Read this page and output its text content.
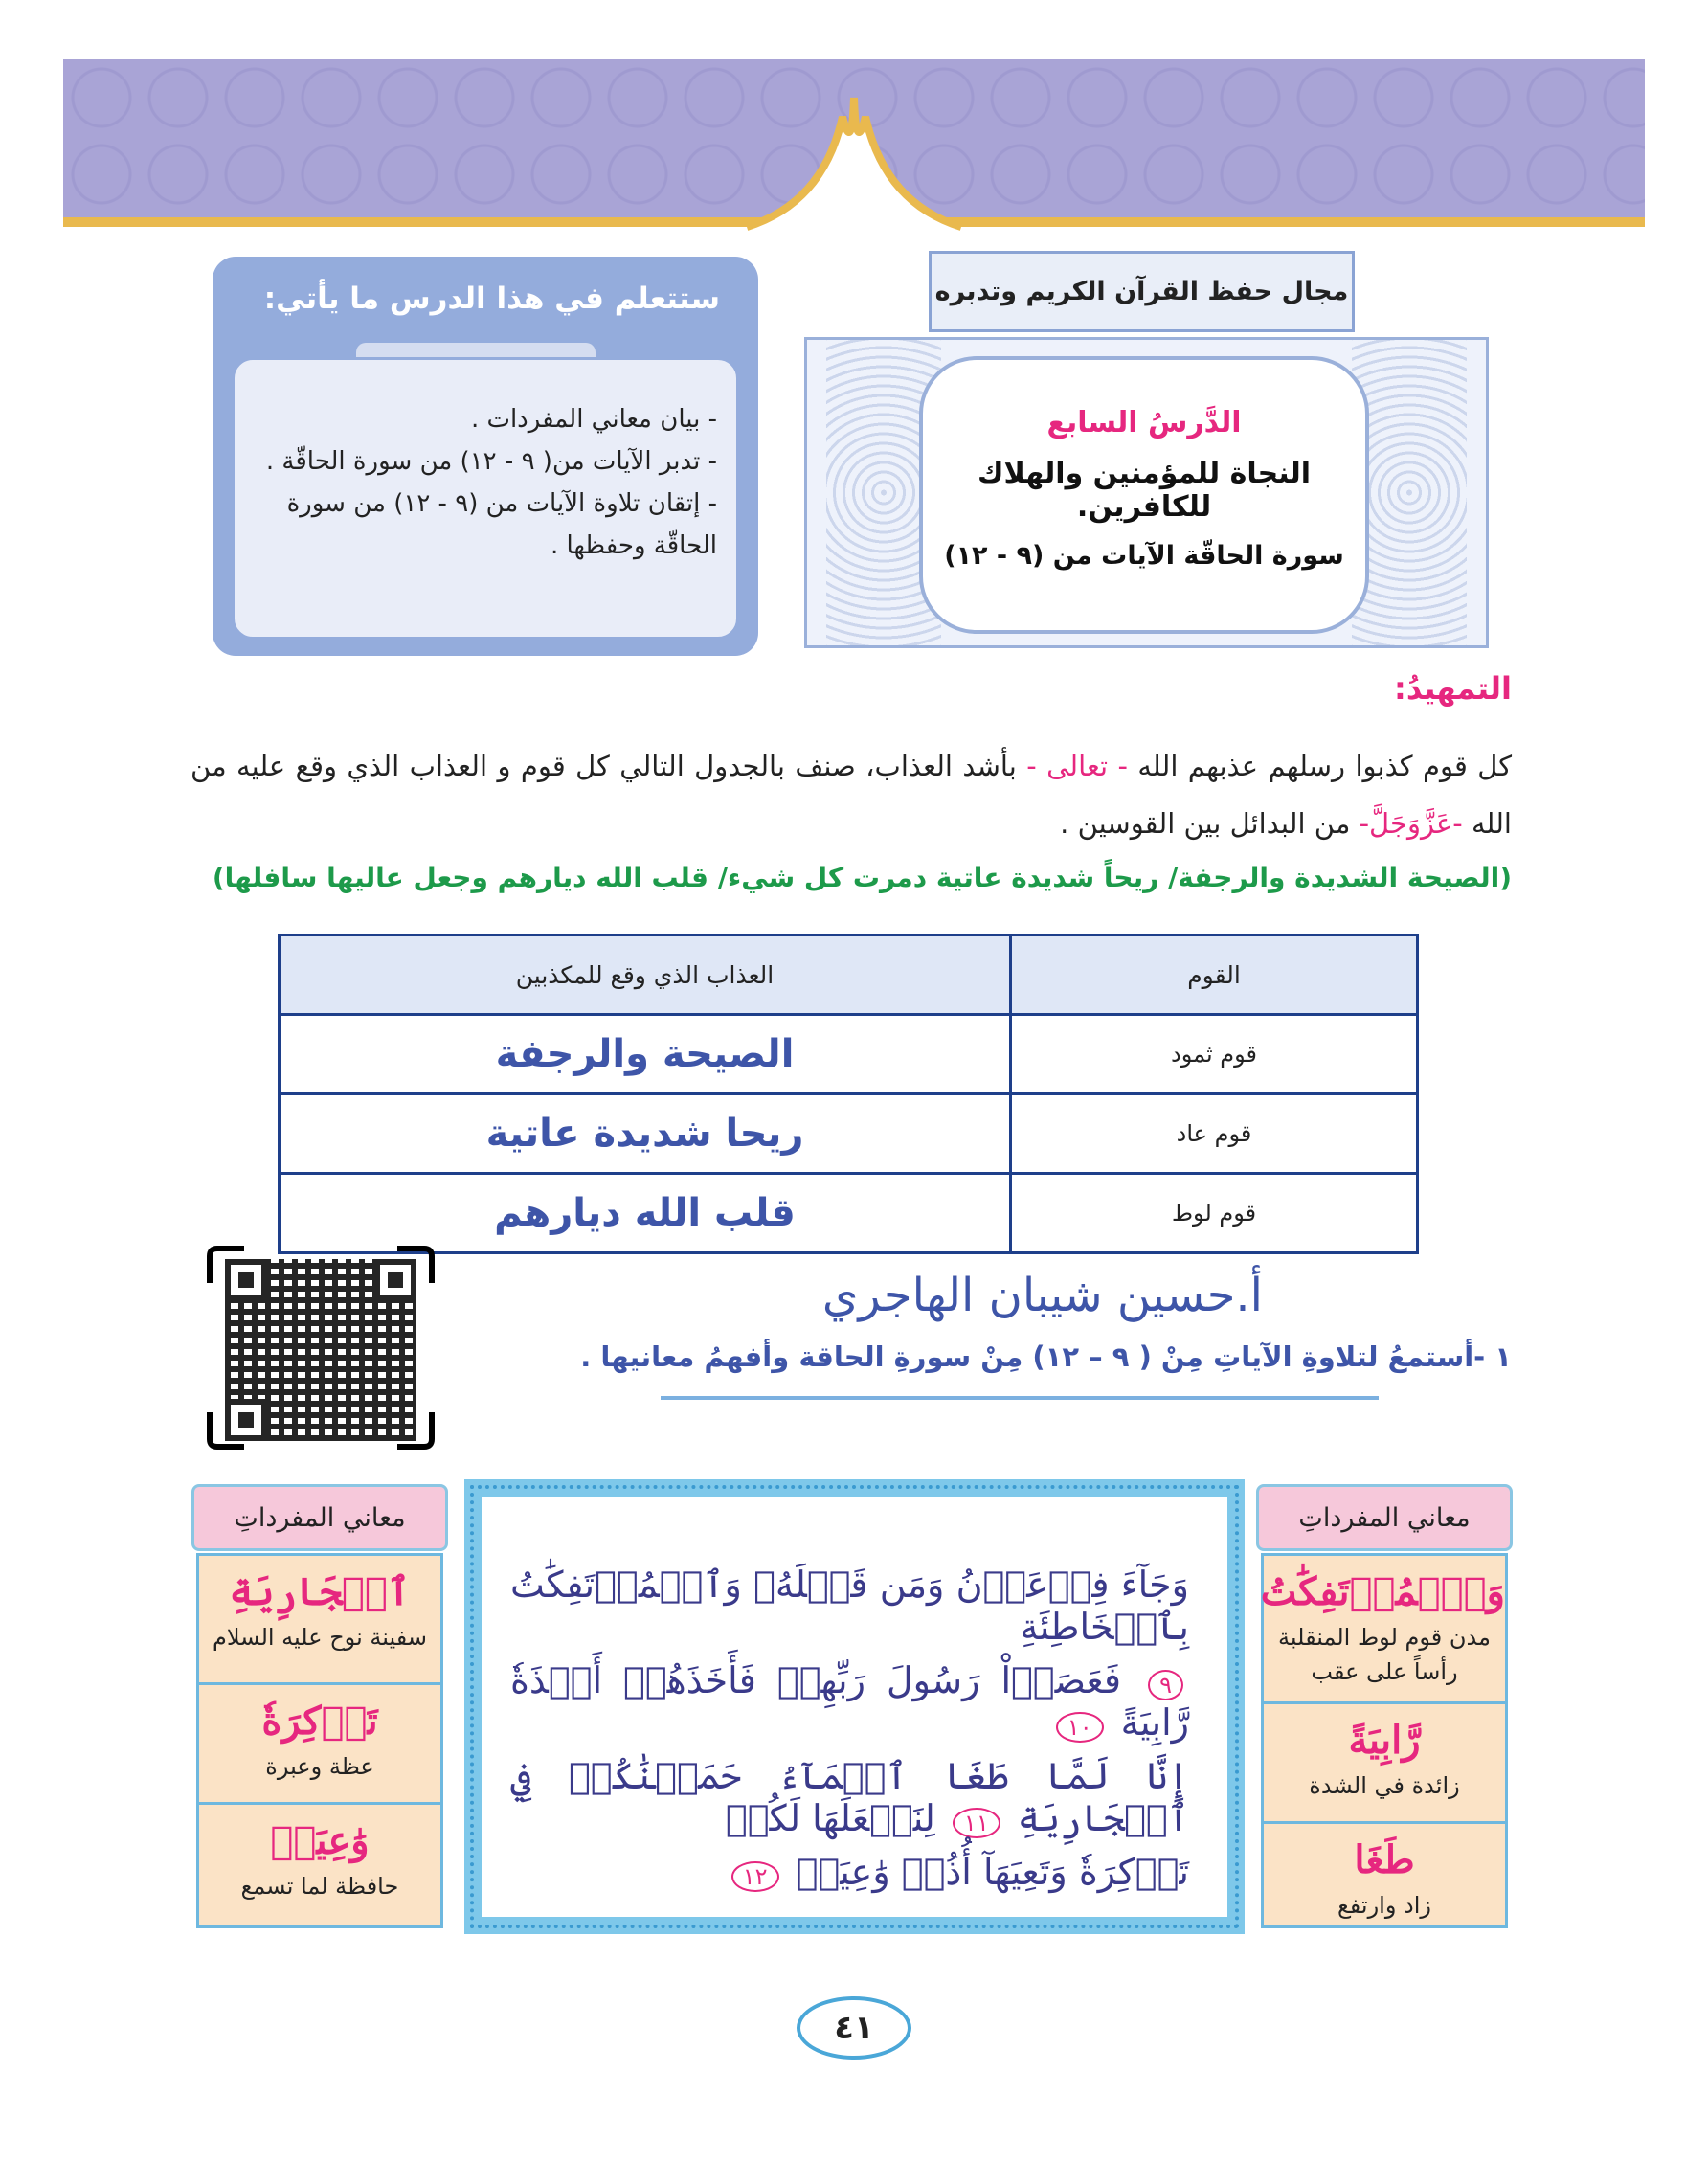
مجال حفظ القرآن الكريم وتدبره
الدَّرسُ السابع
النجاة للمؤمنين والهلاك للكافرين.
سورة الحاقّة الآيات من (٩ - ١٢)
ستتعلم في هذا الدرس ما يأتي:
- بيان معاني المفردات .
- تدبر الآيات من( ٩ - ١٢) من سورة الحاقّة .
- إتقان تلاوة الآيات من (٩ - ١٢) من سورة الحاقّة وحفظها .
التمهيدُ:
كل قوم كذبوا رسلهم عذبهم الله - تعالى - بأشد العذاب، صنف بالجدول التالي كل قوم و العذاب الذي وقع عليه من الله -عَزَّوَجَلَّ- من البدائل بين القوسين .
(الصيحة الشديدة والرجفة/ ريحاً شديدة عاتية دمرت كل شيء/ قلب الله ديارهم وجعل عاليها سافلها)
القوم	العذاب الذي وقع للمكذبين
قوم ثمود	الصيحة والرجفة
قوم عاد	ريحا شديدة عاتية
قوم لوط	قلب الله ديارهم
أ.حسين شيبان الهاجري
١ -أستمعُ لتلاوةِ الآياتِ مِنْ ( ٩ – ١٢) مِنْ سورةِ الحاقة وأفهمُ معانيها .
معاني المفرداتِ
وَٱلۡمُؤۡتَفِكَٰتُ
مدن قوم لوط المنقلبة رأساً على عقب
رَّابِيَةً
زائدة في الشدة
طَغَا
زاد وارتفع
وَجَآءَ فِرۡعَوۡنُ وَمَن قَبۡلَهُۥ وَٱلۡمُؤۡتَفِكَٰتُ بِٱلۡخَاطِئَةِ
٩ فَعَصَوۡاْ رَسُولَ رَبِّهِمۡ فَأَخَذَهُمۡ أَخۡذَةٗ رَّابِيَةً ١٠
إِنَّا لَمَّا طَغَا ٱلۡمَآءُ حَمَلۡنَٰكُمۡ فِي ٱلۡجَارِيَةِ ١١ لِنَجۡعَلَهَا لَكُمۡ
تَذۡكِرَةٗ وَتَعِيَهَآ أُذُنٞ وَٰعِيَةٞ ١٢
معاني المفرداتِ
ٱلۡجَارِيَةِ
سفينة نوح عليه السلام
تَذۡكِرَةٗ
عظة وعبرة
وَٰعِيَةٞ
حافظة لما تسمع
٤١
